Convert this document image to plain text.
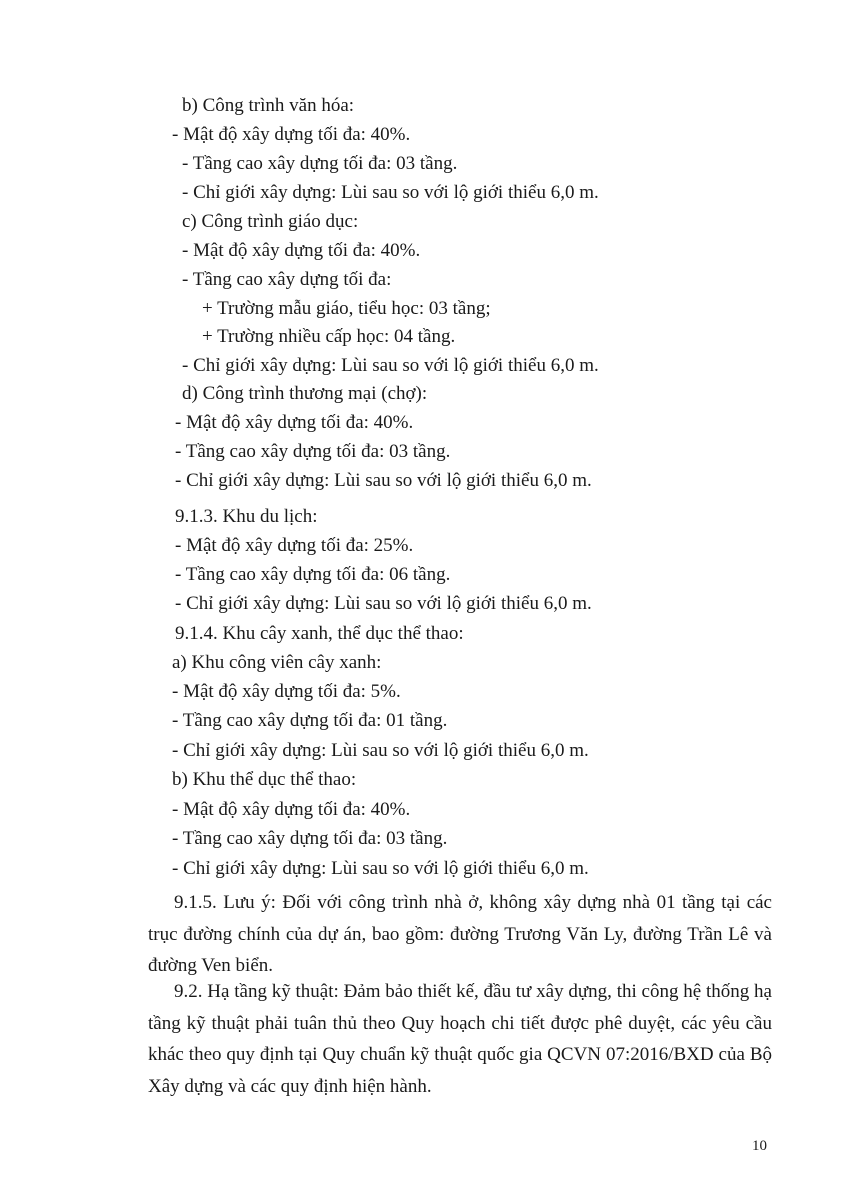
b) Công trình văn hóa:
- Mật độ xây dựng tối đa: 40%.
- Tầng cao xây dựng tối đa: 03 tầng.
- Chỉ giới xây dựng: Lùi sau so với lộ giới thiểu 6,0 m.
c) Công trình giáo dục:
- Mật độ xây dựng tối đa: 40%.
- Tầng cao xây dựng tối đa:
+ Trường mẫu giáo, tiểu học: 03 tầng;
+ Trường nhiều cấp học: 04 tầng.
- Chỉ giới xây dựng: Lùi sau so với lộ giới thiểu 6,0 m.
d) Công trình thương mại (chợ):
- Mật độ xây dựng tối đa: 40%.
- Tầng cao xây dựng tối đa: 03 tầng.
- Chỉ giới xây dựng: Lùi sau so với lộ giới thiểu 6,0 m.
9.1.3. Khu du lịch:
- Mật độ xây dựng tối đa: 25%.
- Tầng cao xây dựng tối đa: 06 tầng.
- Chỉ giới xây dựng: Lùi sau so với lộ giới thiểu 6,0 m.
9.1.4. Khu cây xanh, thể dục thể thao:
a) Khu công viên cây xanh:
- Mật độ xây dựng tối đa: 5%.
- Tầng cao xây dựng tối đa: 01 tầng.
- Chỉ giới xây dựng: Lùi sau so với lộ giới thiểu 6,0 m.
b) Khu thể dục thể thao:
- Mật độ xây dựng tối đa: 40%.
- Tầng cao xây dựng tối đa: 03 tầng.
- Chỉ giới xây dựng: Lùi sau so với lộ giới thiểu 6,0 m.
9.1.5. Lưu ý: Đối với công trình nhà ở, không xây dựng nhà 01 tầng tại các trục đường chính của dự án, bao gồm: đường Trương Văn Ly, đường Trần Lê và đường Ven biển.
9.2. Hạ tầng kỹ thuật: Đảm bảo thiết kế, đầu tư xây dựng, thi công hệ thống hạ tầng kỹ thuật phải tuân thủ theo Quy hoạch chi tiết được phê duyệt, các yêu cầu khác theo quy định tại Quy chuẩn kỹ thuật quốc gia QCVN 07:2016/BXD của Bộ Xây dựng và các quy định hiện hành.
10
